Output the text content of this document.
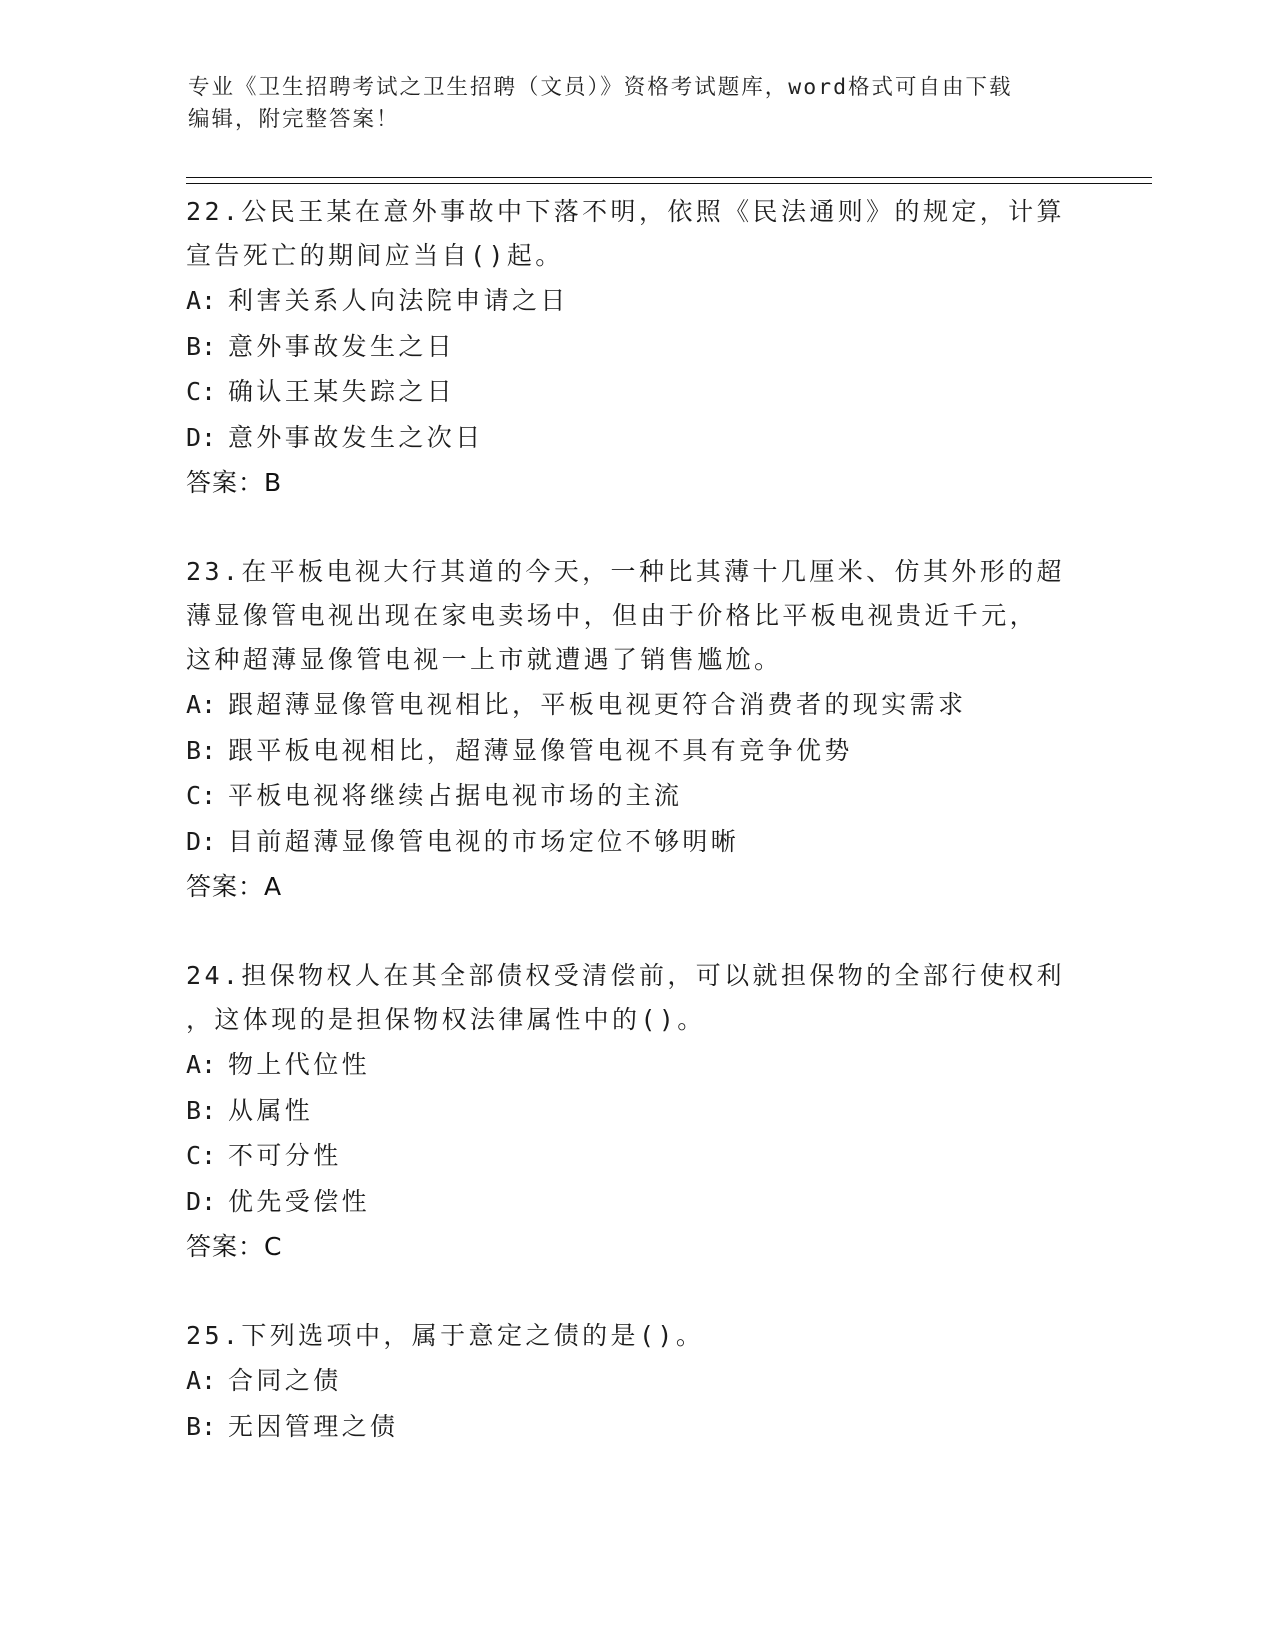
专业《卫生招聘考试之卫生招聘（文员）》资格考试题库，word格式可自由下载
编辑，附完整答案！
22.公民王某在意外事故中下落不明，依照《民法通则》的规定，计算
宣告死亡的期间应当自()起。
A: 利害关系人向法院申请之日
B: 意外事故发生之日
C: 确认王某失踪之日
D: 意外事故发生之次日
答案：B
23.在平板电视大行其道的今天，一种比其薄十几厘米、仿其外形的超
薄显像管电视出现在家电卖场中，但由于价格比平板电视贵近千元，
这种超薄显像管电视一上市就遭遇了销售尴尬。
A: 跟超薄显像管电视相比，平板电视更符合消费者的现实需求
B: 跟平板电视相比，超薄显像管电视不具有竞争优势
C: 平板电视将继续占据电视市场的主流
D: 目前超薄显像管电视的市场定位不够明晰
答案：A
24.担保物权人在其全部债权受清偿前，可以就担保物的全部行使权利
，这体现的是担保物权法律属性中的()。
A: 物上代位性
B: 从属性
C: 不可分性
D: 优先受偿性
答案：C
25.下列选项中，属于意定之债的是()。
A: 合同之债
B: 无因管理之债
